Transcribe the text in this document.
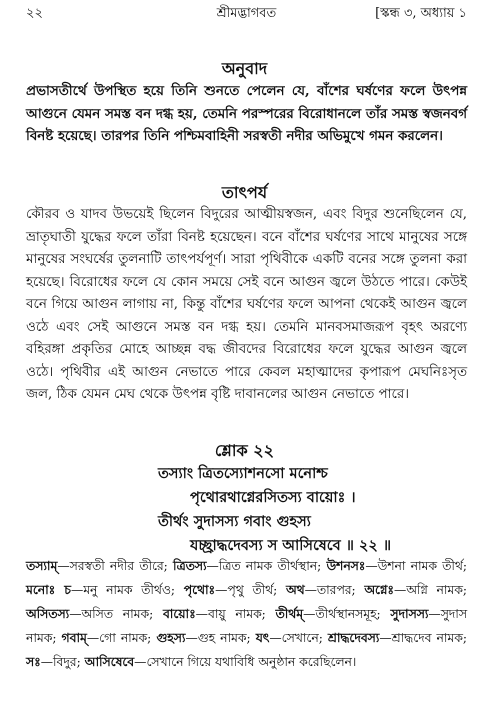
২২	শ্রীমদ্ভাগবত	[স্কন্ধ ৩, অধ্যায় ১
অনুবাদ
প্রভাসতীর্থে উপস্থিত হয়ে তিনি শুনতে পেলেন যে, বাঁশের ঘর্ষণের ফলে উৎপন্ন আগুনে যেমন সমস্ত বন দগ্ধ হয়, তেমনি পরস্পরের বিরোধানলে তাঁর সমস্ত স্বজনবর্গ বিনষ্ট হয়েছে। তারপর তিনি পশ্চিমবাহিনী সরস্বতী নদীর অভিমুখে গমন করলেন।
তাৎপর্য
কৌরব ও যাদব উভয়েই ছিলেন বিদুরের আত্মীয়স্বজন, এবং বিদুর শুনেছিলেন যে, ভ্রাতৃঘাতী যুদ্ধের ফলে তাঁরা বিনষ্ট হয়েছেন। বনে বাঁশের ঘর্ষণের সাথে মানুষের সঙ্গে মানুষের সংঘর্ষের তুলনাটি তাৎপর্যপূর্ণ। সারা পৃথিবীকে একটি বনের সঙ্গে তুলনা করা হয়েছে। বিরোধের ফলে যে কোন সময়ে সেই বনে আগুন জ্বলে উঠতে পারে। কেউই বনে গিয়ে আগুন লাগায় না, কিন্তু বাঁশের ঘর্ষণের ফলে আপনা থেকেই আগুন জ্বলে ওঠে এবং সেই আগুনে সমস্ত বন দগ্ধ হয়। তেমনি মানবসমাজরূপ বৃহৎ অরণ্যে বহিরঙ্গা প্রকৃতির মোহে আচ্ছন্ন বদ্ধ জীবদের বিরোধের ফলে যুদ্ধের আগুন জ্বলে ওঠে। পৃথিবীর এই আগুন নেভাতে পারে কেবল মহাত্মাদের কৃপারূপ মেঘনিঃসৃত জল, ঠিক যেমন মেঘ থেকে উৎপন্ন বৃষ্টি দাবানলের আগুন নেভাতে পারে।
শ্লোক ২২
তস্যাং ত্রিতস্যোশনসো মনোশ্চ
পৃথোরথাগ্নেরসিতস্য বায়োঃ ।
তীর্থং সুদাসস্য গবাং গুহস্য
যচ্ছ্রাদ্ধদেবস্য স আসিষেবে ॥ ২২ ॥
তস্যাম্—সরস্বতী নদীর তীরে; ত্রিতস্য—ত্রিত নামক তীর্থস্থান; উশনসঃ—উশনা নামক তীর্থ; মনোঃ চ—মনু নামক তীর্থও; পৃথোঃ—পৃথু তীর্থ; অথ—তারপর; অগ্নেঃ—অগ্নি নামক; অসিতস্য—অসিত নামক; বায়োঃ—বায়ু নামক; তীর্থম্—তীর্থস্থানসমূহ; সুদাসস্য—সুদাস নামক; গবাম্—গো নামক; গুহস্য—গুহ নামক; যৎ—সেখানে; শ্রাদ্ধদেবস্য—শ্রাদ্ধদেব নামক; সঃ—বিদুর; আসিষেবে—সেখানে গিয়ে যথাবিধি অনুষ্ঠান করেছিলেন।
